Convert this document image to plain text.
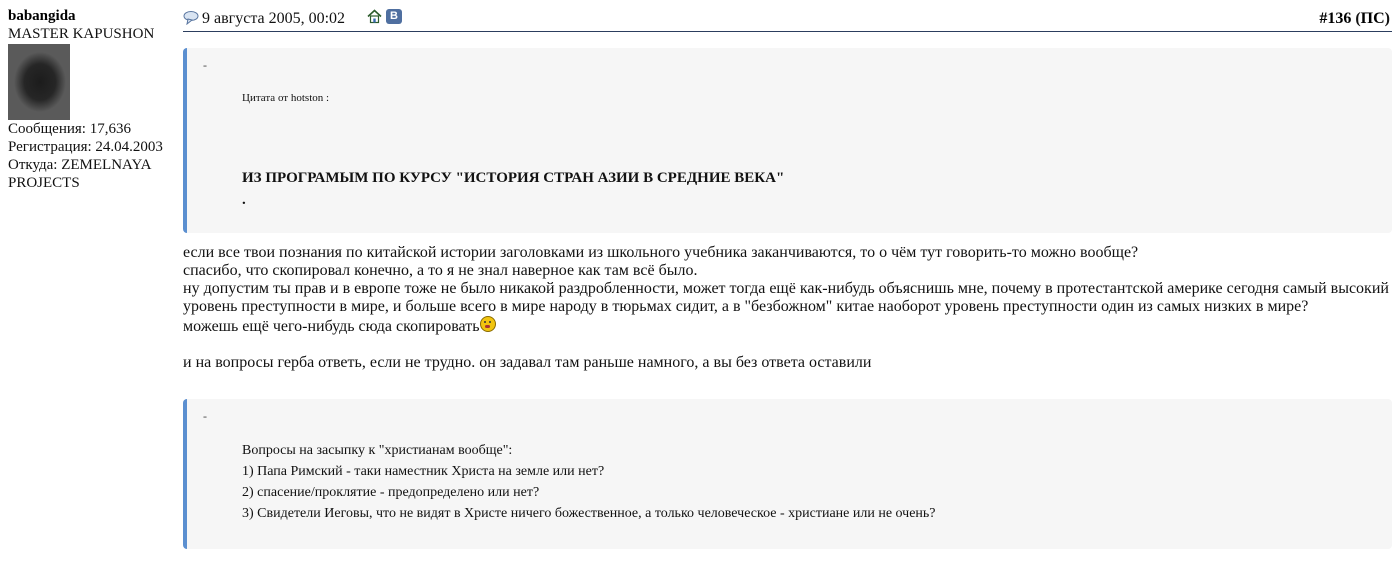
babangida
MASTER KAPUSHON
Сообщения: 17,636
Регистрация: 24.04.2003
Откуда: ZEMELNAYA
PROJECTS
9 августа 2005, 00:02	B	#136 (ПС)
-
Цитата от hotston :
ИЗ ПРОГРАМЫМ ПО КУРСУ "ИСТОРИЯ СТРАН АЗИИ В СРЕДНИЕ ВЕКА"
.
если все твои познания по китайской истории заголовками из школьного учебника заканчиваются, то о чём тут говорить-то можно вообще?
спасибо, что скопировал конечно, а то я не знал наверное как там всё было.
ну допустим ты прав и в европе тоже не было никакой раздробленности, может тогда ещё как-нибудь объяснишь мне, почему в протестантской америке сегодня самый высокий уровень преступности в мире, и больше всего в мире народу в тюрьмах сидит, а в "безбожном" китае наоборот уровень преступности один из самых низких в мире?
можешь ещё чего-нибудь сюда скопировать
и на вопросы герба ответь, если не трудно. он задавал там раньше намного, а вы без ответа оставили
-
Вопросы на засыпку к "христианам вообще":
1) Папа Римский - таки наместник Христа на земле или нет?
2) спасение/проклятие - предопределено или нет?
3) Свидетели Иеговы, что не видят в Христе ничего божественное, а только человеческое - христиане или не очень?
